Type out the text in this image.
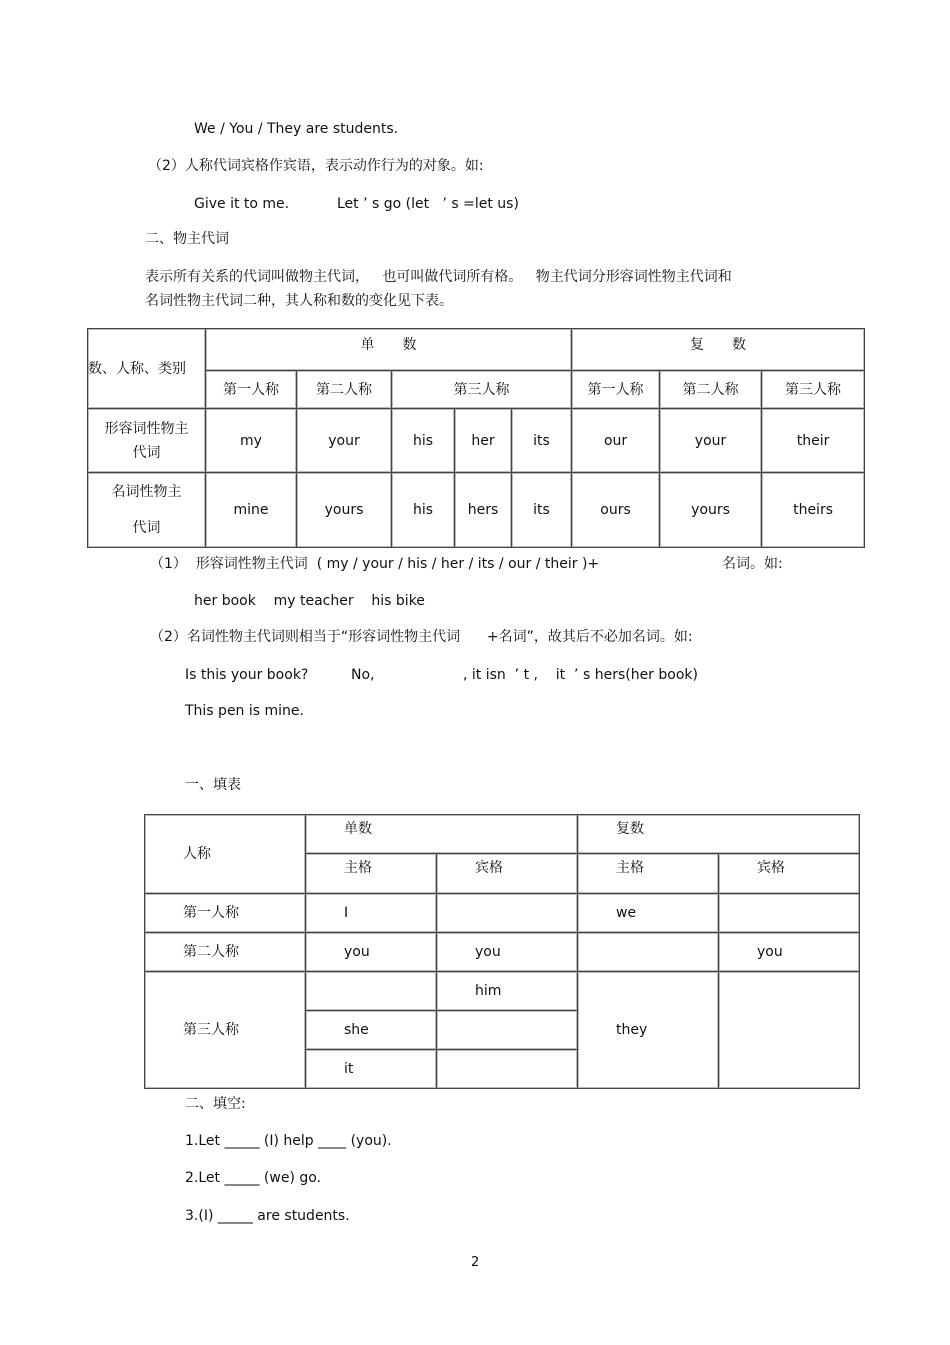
We / You / They are students.
（2）人称代词宾格作宾语，表示动作行为的对象。如:
Give it to me.	Let ’ s go (let   ’ s =let us)
二、物主代词
表示所有关系的代词叫做物主代词，   也可叫做代词所有格。   物主代词分形容词性物主代词和
名词性物主代词二种，其人称和数的变化见下表。
数、人称、类别	单　　数					复　　数		
	第一人称	第二人称	第三人称			第一人称	第二人称	第三人称

形容词性物主
代词	my	your	his	her	its	our	your	their

名词性物主
代词	mine	yours	his	hers	its	ours	yours	theirs
（1）  形容词性物主代词  ( my / your / his / her / its / our / their )+	名词。如:
her book    my teacher    his bike
（2）名词性物主代词则相当于“形容词性物主代词      +名词”，故其后不必加名词。如:
Is this your book?	No,	, it isn  ’ t ,    it  ’ s hers(her book)
This pen is mine.
一、填表
人称	单数		复数	
	主格	宾格	主格	宾格
第一人称	I		we	
第二人称	you	you		you
第三人称		him	they	
	she			
	it			
二、填空:
1.Let _____ (I) help ____ (you).
2.Let _____ (we) go.
3.(I) _____ are students.
2
